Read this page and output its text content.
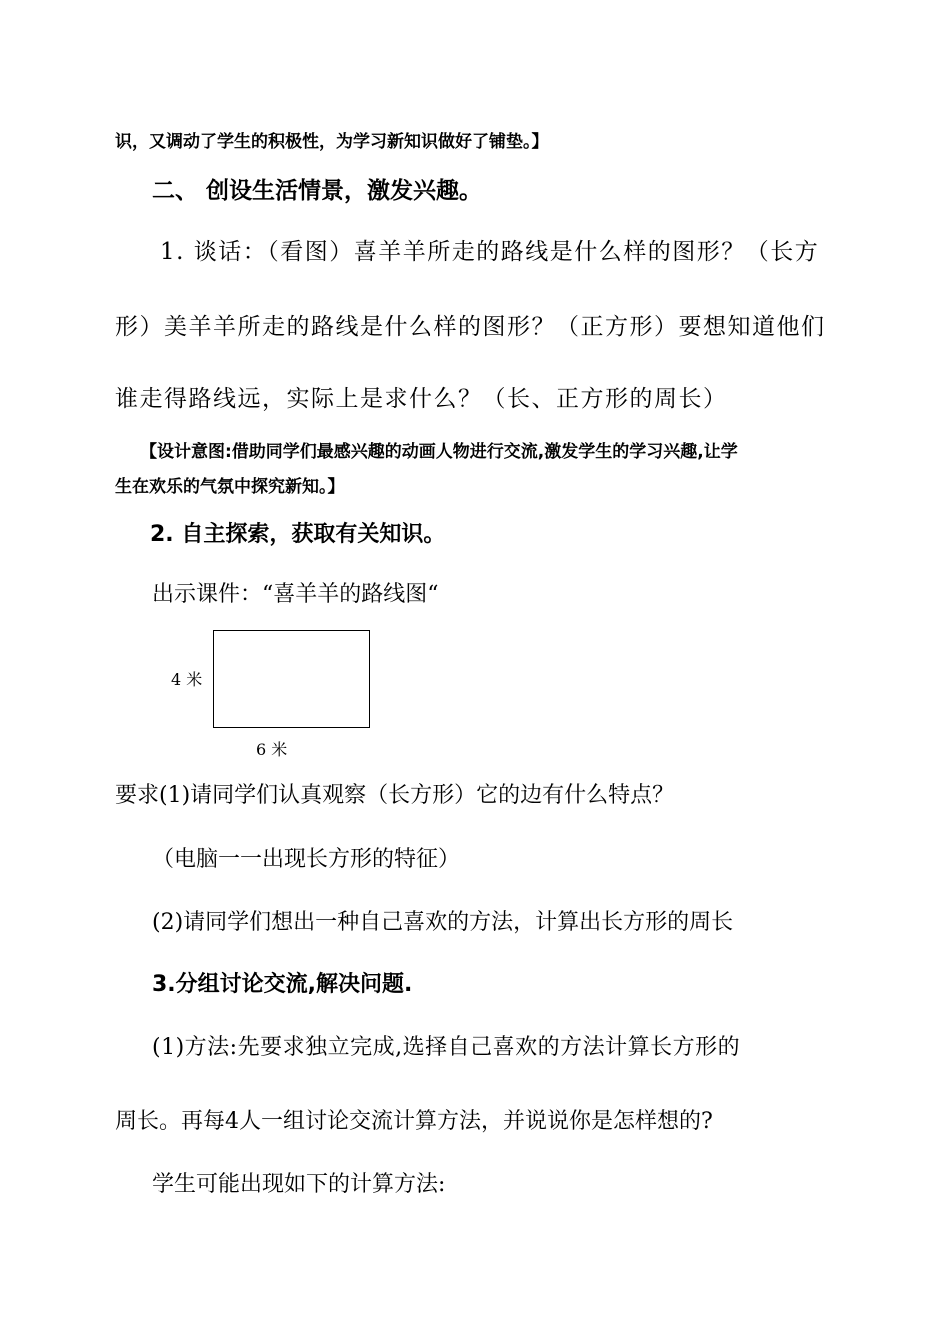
识，又调动了学生的积极性，为学习新知识做好了铺垫。】
二、 创设生活情景，激发兴趣。
1. 谈话：（看图）喜羊羊所走的路线是什么样的图形？（长方
形）美羊羊所走的路线是什么样的图形？（正方形）要想知道他们
谁走得路线远，实际上是求什么？（长、正方形的周长）
【设计意图:借助同学们最感兴趣的动画人物进行交流,激发学生的学习兴趣,让学
生在欢乐的气氛中探究新知。】
2. 自主探索，获取有关知识。
出示课件：“喜羊羊的路线图“
4 米
6 米
要求(1)请同学们认真观察（长方形）它的边有什么特点？
（电脑一一出现长方形的特征）
(2)请同学们想出一种自己喜欢的方法，计算出长方形的周长
3.分组讨论交流,解决问题.
(1)方法:先要求独立完成,选择自己喜欢的方法计算长方形的
周长。再每4人一组讨论交流计算方法，并说说你是怎样想的?
学生可能出现如下的计算方法:
